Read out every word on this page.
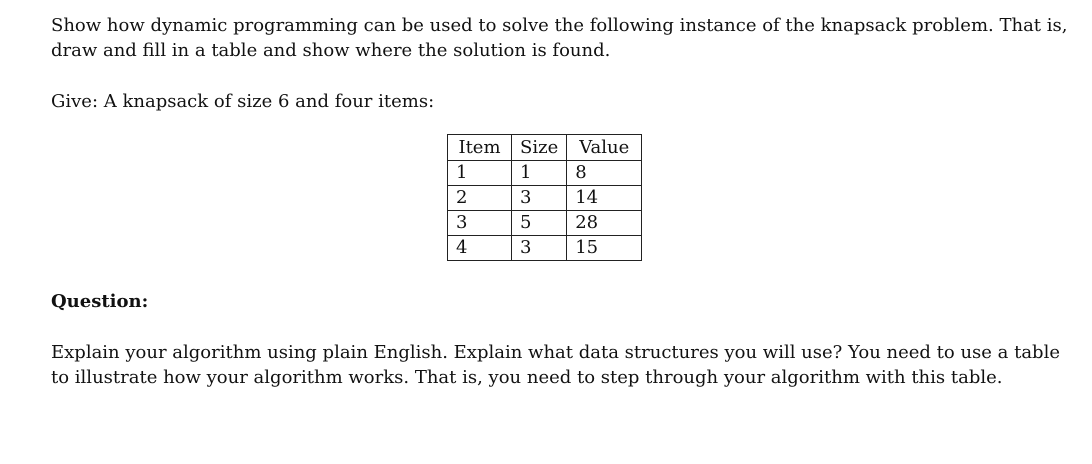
Show how dynamic programming can be used to solve the following instance of the knapsack problem. That is,
draw and fill in a table and show where the solution is found.

Give: A knapsack of size 6 and four items:

Item	Size	Value
1	1	8
2	3	14
3	5	28
4	3	15

Question:

Explain your algorithm using plain English. Explain what data structures you will use? You need to use a table
to illustrate how your algorithm works. That is, you need to step through your algorithm with this table.
